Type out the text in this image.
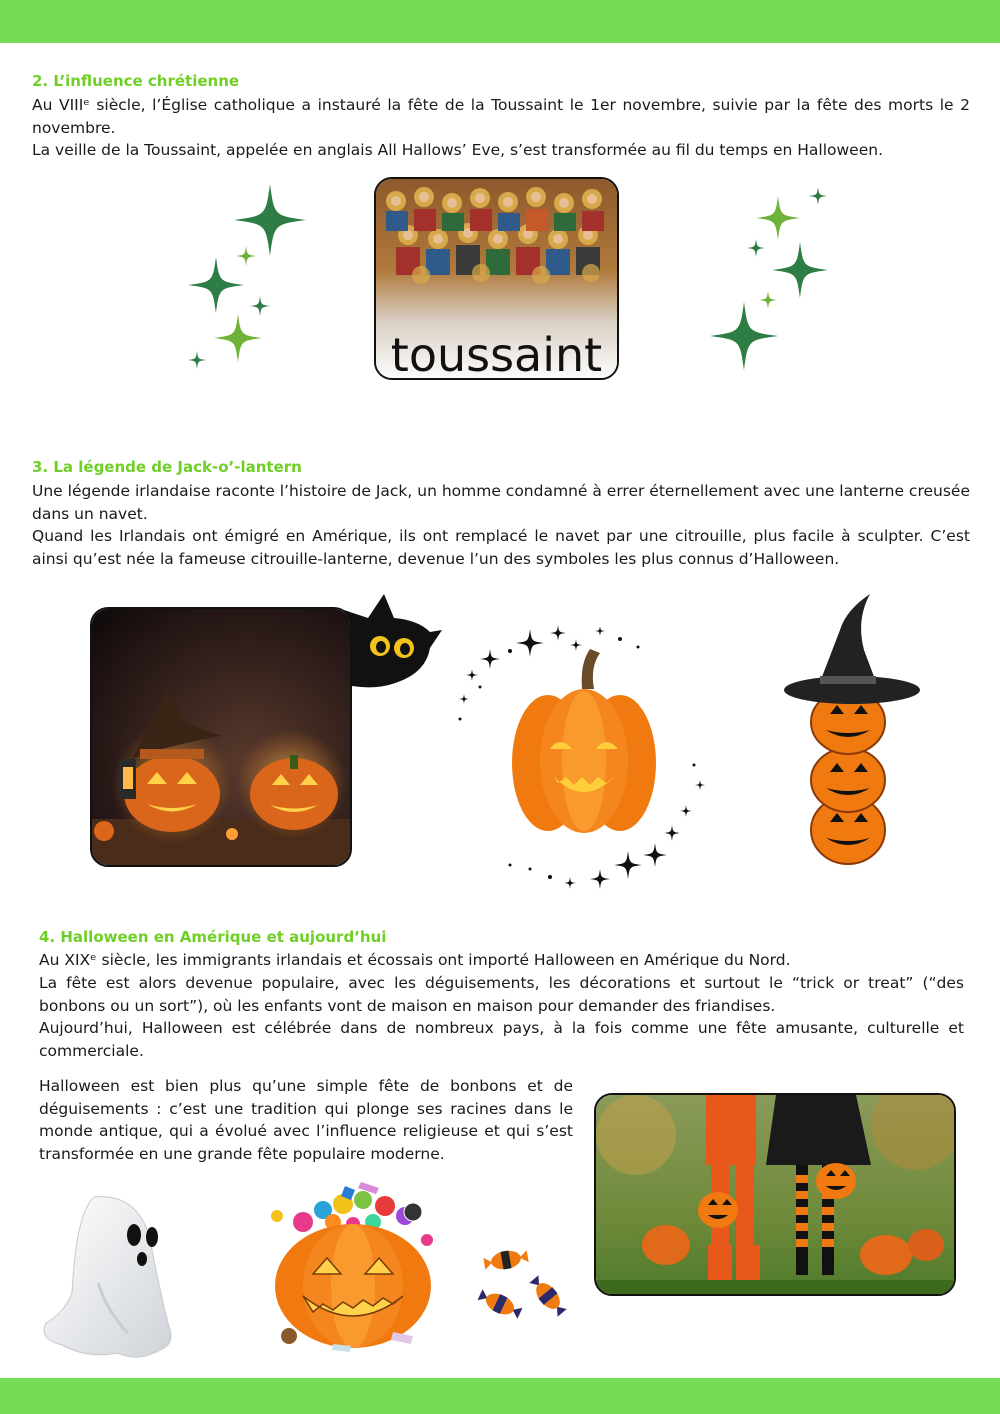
2. L’influence chrétienne

Au VIIIᵉ siècle, l’Église catholique a instauré la fête de la Toussaint le 1er novembre, suivie par la fête des morts le 2 novembre.

La veille de la Toussaint, appelée en anglais All Hallows’ Eve, s’est transformée au fil du temps en Halloween.

toussaint
3. La légende de Jack-o’-lantern

Une légende irlandaise raconte l’histoire de Jack, un homme condamné à errer éternellement avec une lanterne creusée dans un navet.

Quand les Irlandais ont émigré en Amérique, ils ont remplacé le navet par une citrouille, plus facile à sculpter. C’est ainsi qu’est née la fameuse citrouille-lanterne, devenue l’un des symboles les plus connus d’Halloween.

4. Halloween en Amérique et aujourd’hui

Au XIXᵉ siècle, les immigrants irlandais et écossais ont importé Halloween en Amérique du Nord.

La fête est alors devenue populaire, avec les déguisements, les décorations et surtout le “trick or treat” (“des bonbons ou un sort”), où les enfants vont de maison en maison pour demander des friandises.

Aujourd’hui, Halloween est célébrée dans de nombreux pays, à la fois comme une fête amusante, culturelle et commerciale.

Halloween est bien plus qu’une simple fête de bonbons et de déguisements : c’est une tradition qui plonge ses racines dans le monde antique, qui a évolué avec l’influence religieuse et qui s’est transformée en une grande fête populaire moderne.
